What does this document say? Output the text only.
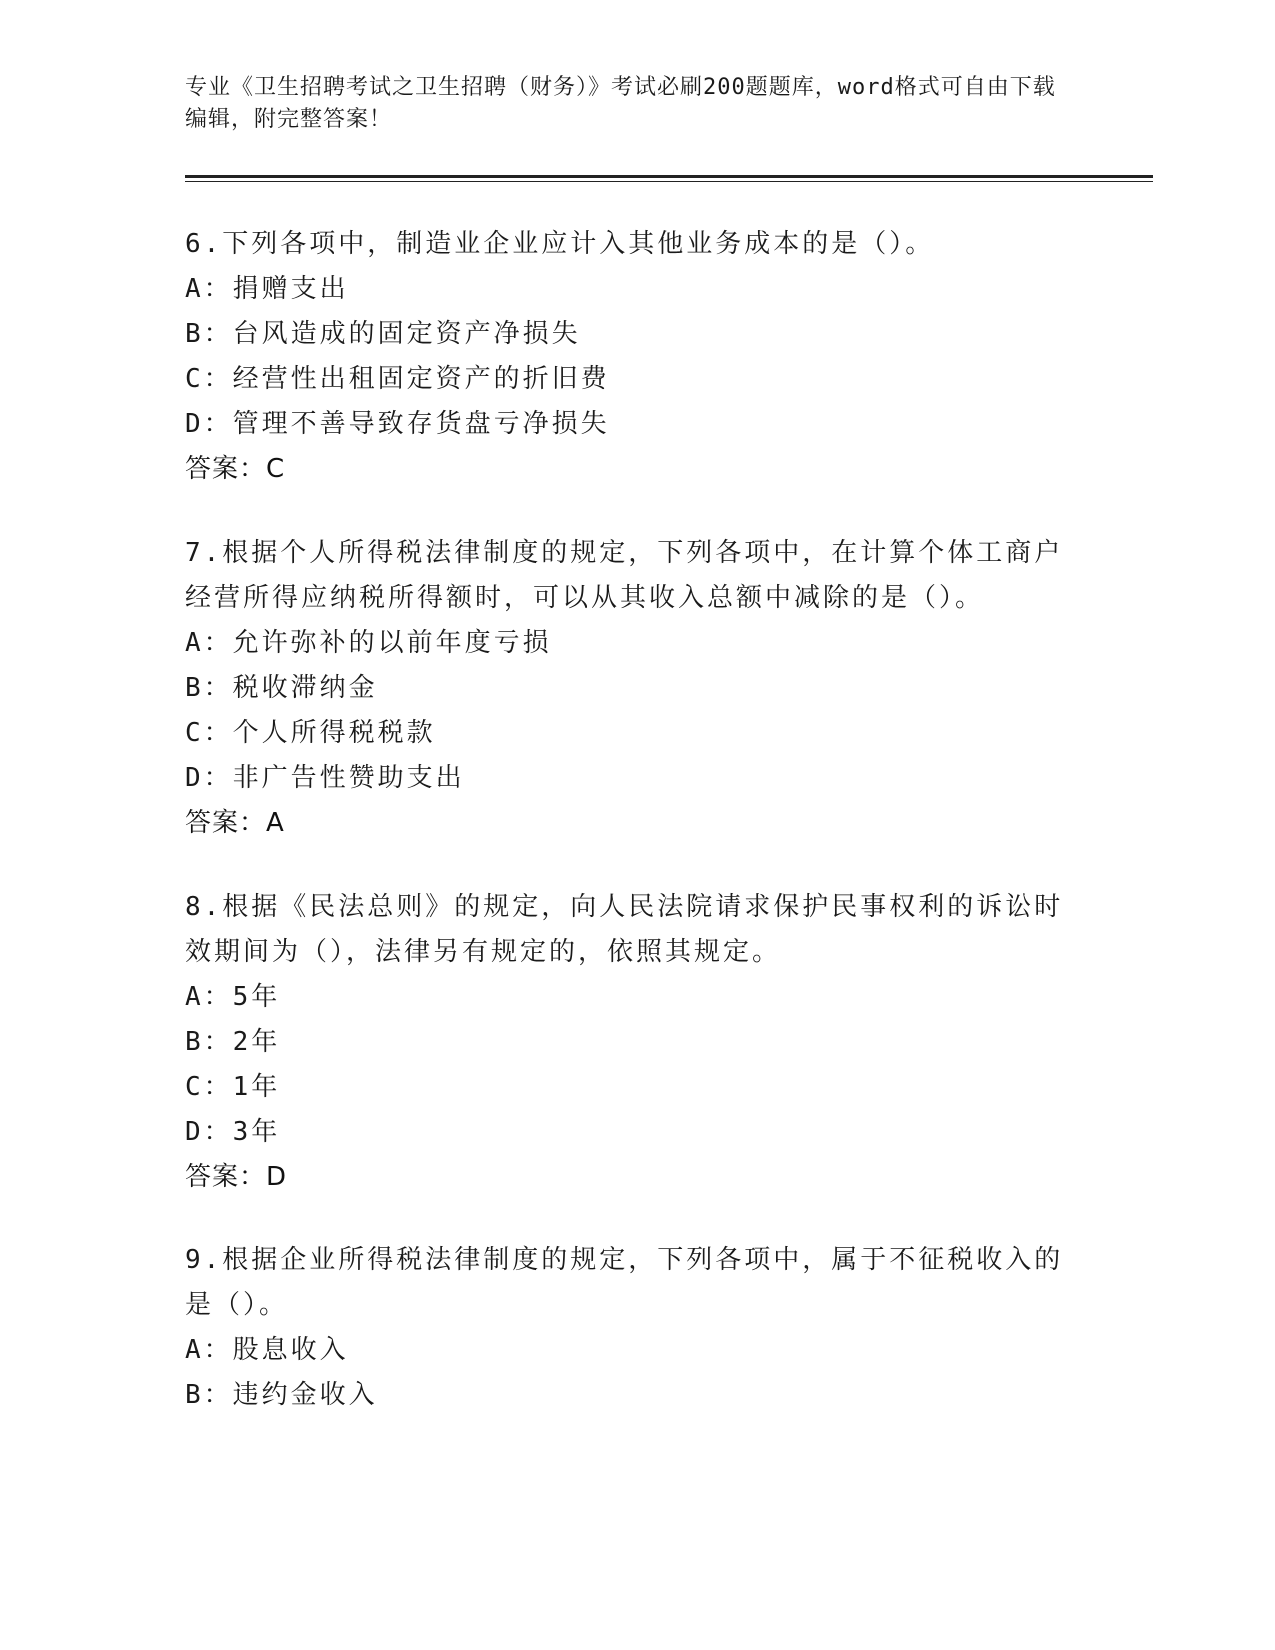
专业《卫生招聘考试之卫生招聘（财务）》考试必刷200题题库，word格式可自由下载编辑，附完整答案！

6.下列各项中，制造业企业应计入其他业务成本的是（）。

A：捐赠支出

B：台风造成的固定资产净损失

C：经营性出租固定资产的折旧费

D：管理不善导致存货盘亏净损失

答案：C

7.根据个人所得税法律制度的规定，下列各项中，在计算个体工商户经营所得应纳税所得额时，可以从其收入总额中减除的是（）。

A：允许弥补的以前年度亏损

B：税收滞纳金

C：个人所得税税款

D：非广告性赞助支出

答案：A

8.根据《民法总则》的规定，向人民法院请求保护民事权利的诉讼时效期间为（），法律另有规定的，依照其规定。

A：5年

B：2年

C：1年

D：3年

答案：D

9.根据企业所得税法律制度的规定，下列各项中，属于不征税收入的是（）。

A：股息收入

B：违约金收入
